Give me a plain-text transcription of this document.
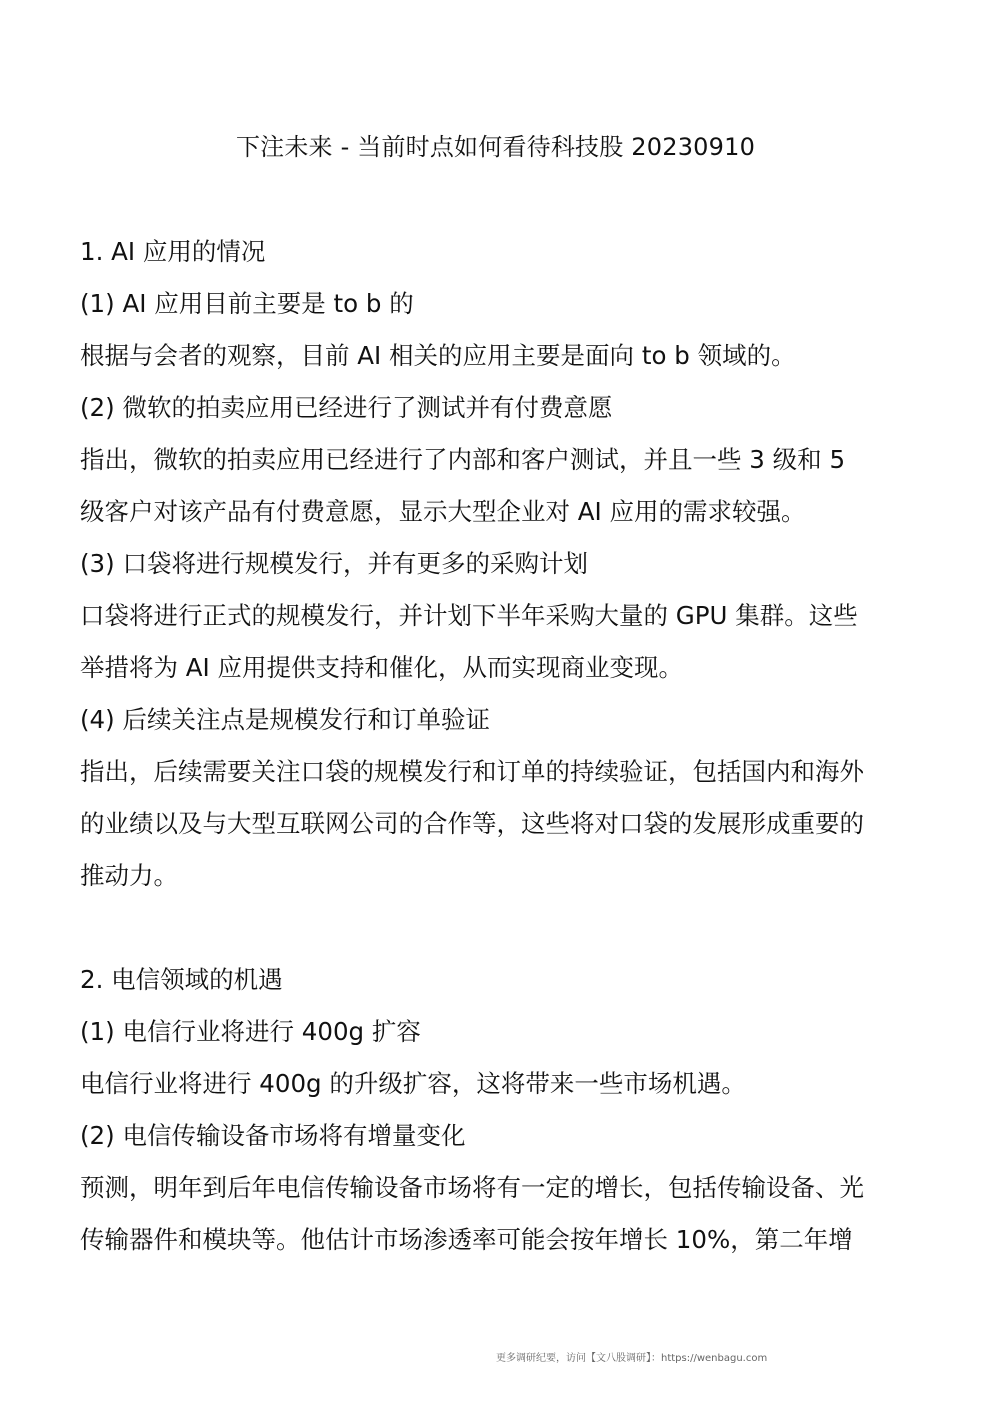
下注未来 - 当前时点如何看待科技股 20230910
1. AI 应用的情况
(1) AI 应用目前主要是 to b 的
根据与会者的观察，目前 AI 相关的应用主要是面向 to b 领域的。
(2) 微软的拍卖应用已经进行了测试并有付费意愿
指出，微软的拍卖应用已经进行了内部和客户测试，并且一些 3 级和 5
级客户对该产品有付费意愿，显示大型企业对 AI 应用的需求较强。
(3) 口袋将进行规模发行，并有更多的采购计划
口袋将进行正式的规模发行，并计划下半年采购大量的 GPU 集群。这些
举措将为 AI 应用提供支持和催化，从而实现商业变现。
(4) 后续关注点是规模发行和订单验证
指出，后续需要关注口袋的规模发行和订单的持续验证，包括国内和海外
的业绩以及与大型互联网公司的合作等，这些将对口袋的发展形成重要的
推动力。
2. 电信领域的机遇
(1) 电信行业将进行 400g 扩容
电信行业将进行 400g 的升级扩容，这将带来一些市场机遇。
(2) 电信传输设备市场将有增量变化
预测，明年到后年电信传输设备市场将有一定的增长，包括传输设备、光
传输器件和模块等。他估计市场渗透率可能会按年增长 10%，第二年增
更多调研纪要，访问【文八股调研】：https://wenbagu.com
